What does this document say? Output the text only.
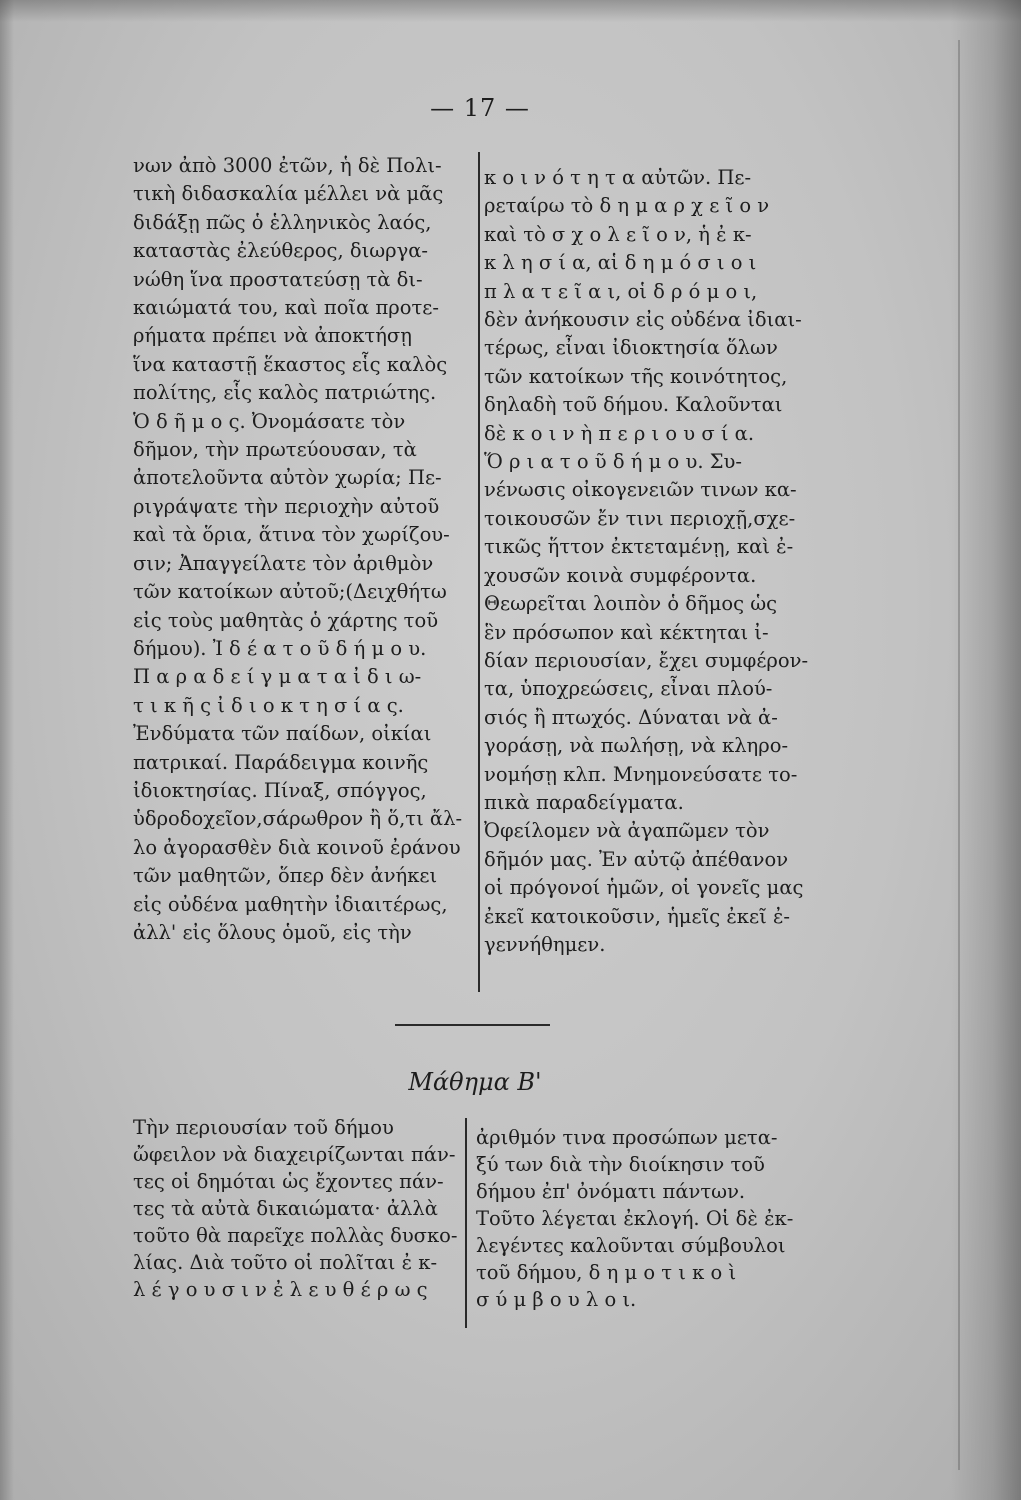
— 17 —
νων ἀπὸ 3000 ἐτῶν, ἡ δὲ Πολι-
τικὴ διδασκαλία μέλλει νὰ μᾶς
διδάξῃ πῶς ὁ ἑλληνικὸς λαός,
καταστὰς ἐλεύθερος, διωργα-
νώθη ἵνα προστατεύσῃ τὰ δι-
καιώματά του, καὶ ποῖα προτε-
ρήματα πρέπει νὰ ἀποκτήσῃ
ἵνα καταστῇ ἕκαστος εἷς καλὸς
πολίτης, εἷς καλὸς πατριώτης.
Ὁ δ ῆ μ ο ς. Ὀνομάσατε τὸν
δῆμον, τὴν πρωτεύουσαν, τὰ
ἀποτελοῦντα αὐτὸν χωρία; Πε-
ριγράψατε τὴν περιοχὴν αὐτοῦ
καὶ τὰ ὅρια, ἅτινα τὸν χωρίζου-
σιν; Ἀπαγγείλατε τὸν ἀριθμὸν
τῶν κατοίκων αὐτοῦ;(Δειχθήτω
εἰς τοὺς μαθητὰς ὁ χάρτης τοῦ
δήμου). Ἰ δ έ α τ ο ῦ δ ή μ ο υ.
Π α ρ α δ ε ί γ μ α τ α ἰ δ ι ω-
τ ι κ ῆ ς ἰ δ ι ο κ τ η σ ί α ς.
Ἐνδύματα τῶν παίδων, οἰκίαι
πατρικαί. Παράδειγμα κοινῆς
ἰδιοκτησίας. Πίναξ, σπόγγος,
ὑδροδοχεῖον,σάρωθρον ἢ ὅ,τι ἄλ-
λο ἀγορασθὲν διὰ κοινοῦ ἐράνου
τῶν μαθητῶν, ὅπερ δὲν ἀνήκει
εἰς οὐδένα μαθητὴν ἰδιαιτέρως,
ἀλλ' εἰς ὅλους ὁμοῦ, εἰς τὴν
κ ο ι ν ό τ η τ α αὐτῶν. Πε-
ρεταίρω τὸ δ η μ α ρ χ ε ῖ ο ν
καὶ τὸ σ χ ο λ ε ῖ ο ν, ἡ ἐ κ-
κ λ η σ ί α, αἱ δ η μ ό σ ι ο ι
π λ α τ ε ῖ α ι, οἱ δ ρ ό μ ο ι,
δὲν ἀνήκουσιν εἰς οὐδένα ἰδιαι-
τέρως, εἶναι ἰδιοκτησία ὅλων
τῶν κατοίκων τῆς κοινότητος,
δηλαδὴ τοῦ δήμου. Καλοῦνται
δὲ κ ο ι ν ὴ π ε ρ ι ο υ σ ί α.
Ὅ ρ ι α τ ο ῦ δ ή μ ο υ. Συ-
νένωσις οἰκογενειῶν τινων κα-
τοικουσῶν ἔν τινι περιοχῇ,σχε-
τικῶς ἥττον ἐκτεταμένῃ, καὶ ἐ-
χουσῶν κοινὰ συμφέροντα.
Θεωρεῖται λοιπὸν ὁ δῆμος ὡς
ἓν πρόσωπον καὶ κέκτηται ἰ-
δίαν περιουσίαν, ἔχει συμφέρον-
τα, ὑποχρεώσεις, εἶναι πλού-
σιός ἢ πτωχός. Δύναται νὰ ἀ-
γοράσῃ, νὰ πωλήσῃ, νὰ κληρο-
νομήσῃ κλπ. Μνημονεύσατε το-
πικὰ παραδείγματα.
Ὀφείλομεν νὰ ἀγαπῶμεν τὸν
δῆμόν μας. Ἐν αὐτῷ ἀπέθανον
οἱ πρόγονοί ἡμῶν, οἱ γονεῖς μας
ἐκεῖ κατοικοῦσιν, ἡμεῖς ἐκεῖ ἐ-
γεννήθημεν.
Μάθημα Β'
Τὴν περιουσίαν τοῦ δήμου
ὤφειλον νὰ διαχειρίζωνται πάν-
τες οἱ δημόται ὡς ἔχοντες πάν-
τες τὰ αὐτὰ δικαιώματα· ἀλλὰ
τοῦτο θὰ παρεῖχε πολλὰς δυσκο-
λίας. Διὰ τοῦτο οἱ πολῖται ἐ κ-
λ έ γ ο υ σ ι ν ἐ λ ε υ θ έ ρ ω ς
ἀριθμόν τινα προσώπων μετα-
ξύ των διὰ τὴν διοίκησιν τοῦ
δήμου ἐπ' ὀνόματι πάντων.
Τοῦτο λέγεται ἐκλογή. Οἱ δὲ ἐκ-
λεγέντες καλοῦνται σύμβουλοι
τοῦ δήμου, δ η μ ο τ ι κ ο ὶ
σ ύ μ β ο υ λ ο ι.
